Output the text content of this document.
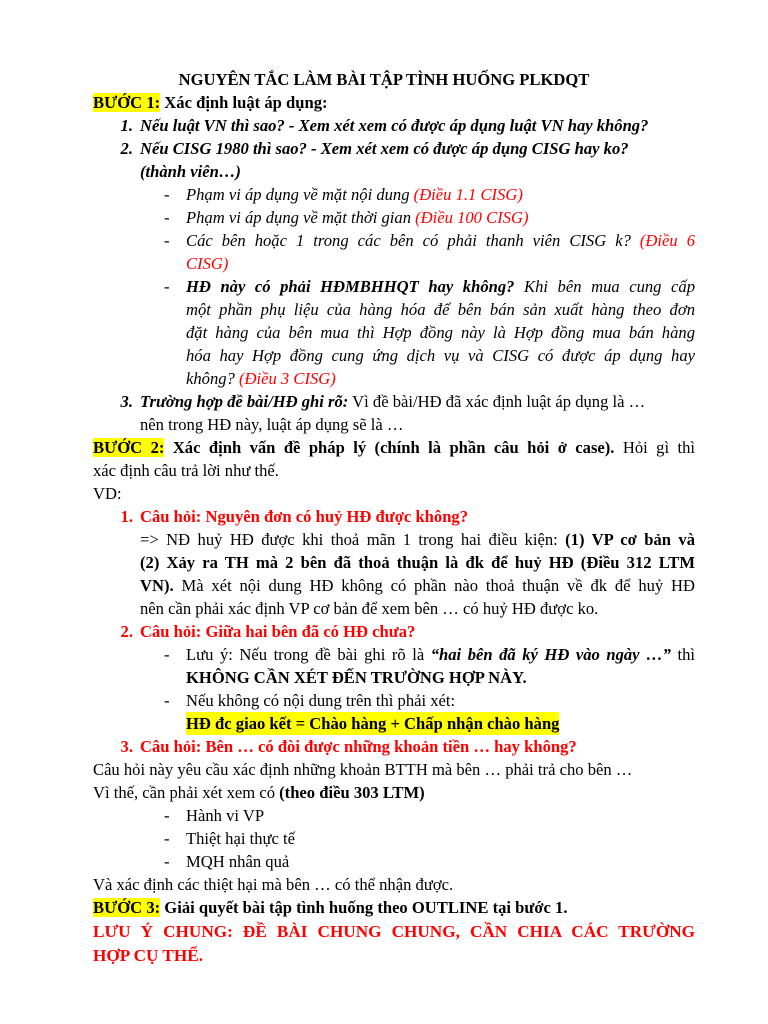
NGUYÊN TẮC LÀM BÀI TẬP TÌNH HUỐNG PLKDQT
BƯỚC 1: Xác định luật áp dụng:
1. Nếu luật VN thì sao? - Xem xét xem có được áp dụng luật VN hay không?
2. Nếu CISG 1980 thì sao? - Xem xét xem có được áp dụng CISG hay ko?
(thành viên…)
- Phạm vi áp dụng về mặt nội dung (Điều 1.1 CISG)
- Phạm vi áp dụng về mặt thời gian (Điều 100 CISG)
- Các bên hoặc 1 trong các bên có phải thanh viên CISG k? (Điều 6
CISG)
- HĐ này có phải HĐMBHHQT hay không? Khi bên mua cung cấp
một phần phụ liệu của hàng hóa để bên bán sản xuất hàng theo đơn
đặt hàng của bên mua thì Hợp đồng này là Hợp đồng mua bán hàng
hóa hay Hợp đồng cung ứng dịch vụ và CISG có được áp dụng hay
không? (Điều 3 CISG)
3. Trường hợp đề bài/HĐ ghi rõ: Vì đề bài/HĐ đã xác định luật áp dụng là …
nên trong HĐ này, luật áp dụng sẽ là …
BƯỚC 2: Xác định vấn đề pháp lý (chính là phần câu hỏi ở case). Hỏi gì thì
xác định câu trả lời như thế.
VD:
1. Câu hỏi: Nguyên đơn có huỷ HĐ được không?
=> NĐ huỷ HĐ được khi thoả mãn 1 trong hai điều kiện: (1) VP cơ bản và
(2) Xảy ra TH mà 2 bên đã thoả thuận là đk để huỷ HĐ (Điều 312 LTM
VN). Mà xét nội dung HĐ không có phần nào thoả thuận về đk để huỷ HĐ
nên cần phải xác định VP cơ bản để xem bên … có huỷ HĐ được ko.
2. Câu hỏi: Giữa hai bên đã có HĐ chưa?
- Lưu ý: Nếu trong đề bài ghi rõ là “hai bên đã ký HĐ vào ngày …” thì
KHÔNG CẦN XÉT ĐẾN TRƯỜNG HỢP NÀY.
- Nếu không có nội dung trên thì phải xét:
HĐ đc giao kết = Chào hàng + Chấp nhận chào hàng
3. Câu hỏi: Bên … có đòi được những khoản tiền … hay không?
Câu hỏi này yêu cầu xác định những khoản BTTH mà bên … phải trả cho bên …
Vì thế, cần phải xét xem có (theo điều 303 LTM)
- Hành vi VP
- Thiệt hại thực tế
- MQH nhân quả
Và xác định các thiệt hại mà bên … có thể nhận được.
BƯỚC 3: Giải quyết bài tập tình huống theo OUTLINE tại bước 1.
LƯU Ý CHUNG: ĐỀ BÀI CHUNG CHUNG, CẦN CHIA CÁC TRƯỜNG
HỢP CỤ THỂ.
